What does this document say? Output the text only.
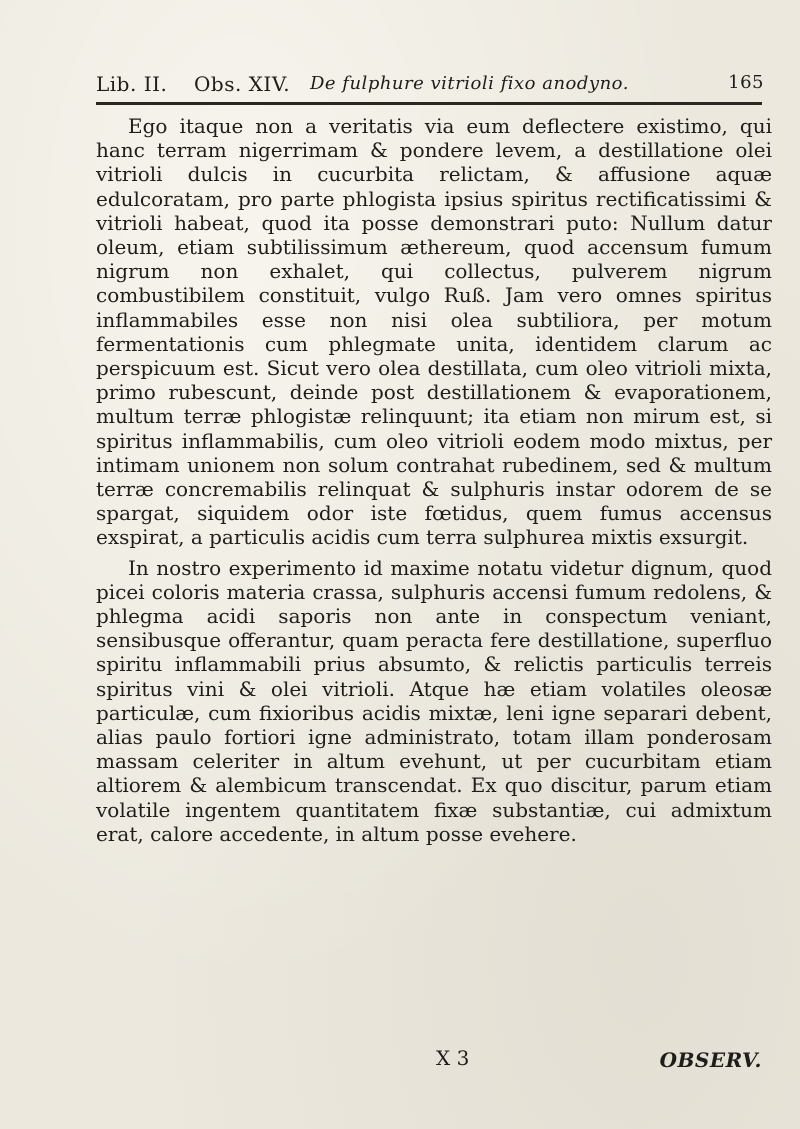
Lib. II. Obs. XIV. De fulphure vitrioli fixo anodyno.	165

Ego itaque non a veritatis via eum deflectere existimo, qui hanc terram nigerrimam & pondere levem, a destillatione olei vitrioli dulcis in cucurbita relictam, & affusione aquæ edulcoratam, pro parte phlogista ipsius spiritus rectificatissimi & vitrioli habeat, quod ita posse demonstrari puto: Nullum datur oleum, etiam subtilissimum æthereum, quod accensum fumum nigrum non exhalet, qui collectus, pulverem nigrum combustibilem constituit, vulgo Ruß. Jam vero omnes spiritus inflammabiles esse non nisi olea subtiliora, per motum fermentationis cum phlegmate unita, identidem clarum ac perspicuum est. Sicut vero olea destillata, cum oleo vitrioli mixta, primo rubescunt, deinde post destillationem & evaporationem, multum terræ phlogistæ relinquunt; ita etiam non mirum est, si spiritus inflammabilis, cum oleo vitrioli eodem modo mixtus, per intimam unionem non solum contrahat rubedinem, sed & multum terræ concremabilis relinquat & sulphuris instar odorem de se spargat, siquidem odor iste fœtidus, quem fumus accensus exspirat, a particulis acidis cum terra sulphurea mixtis exsurgit.

In nostro experimento id maxime notatu videtur dignum, quod picei coloris materia crassa, sulphuris accensi fumum redolens, & phlegma acidi saporis non ante in conspectum veniant, sensibusque offerantur, quam peracta fere destillatione, superfluo spiritu inflammabili prius absumto, & relictis particulis terreis spiritus vini & olei vitrioli. Atque hæ etiam volatiles oleosæ particulæ, cum fixioribus acidis mixtæ, leni igne separari debent, alias paulo fortiori igne administrato, totam illam ponderosam massam celeriter in altum evehunt, ut per cucurbitam etiam altiorem & alembicum transcendat. Ex quo discitur, parum etiam volatile ingentem quantitatem fixæ substantiæ, cui admixtum erat, calore accedente, in altum posse evehere.

X 3	OBSERV.
